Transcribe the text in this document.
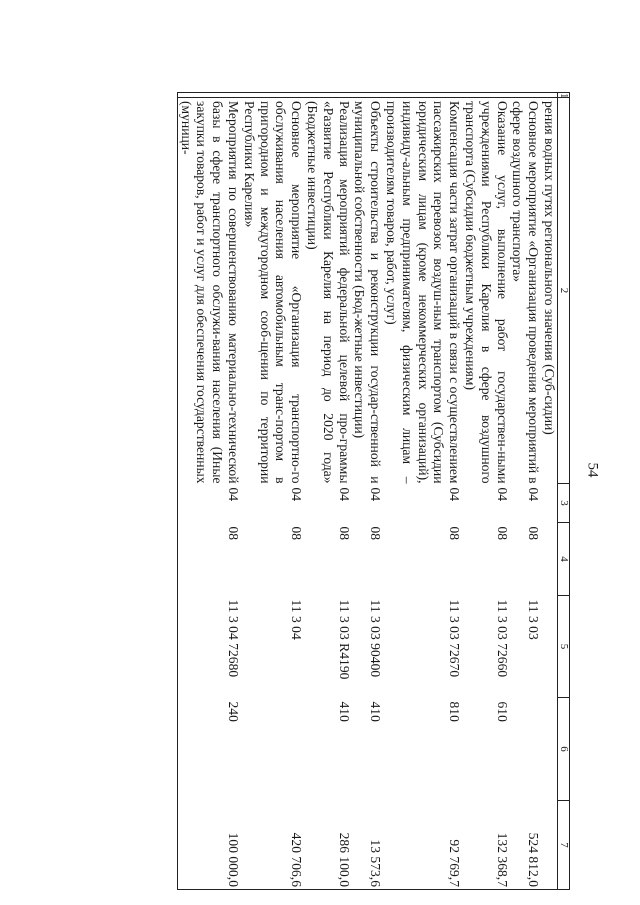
54
1	2	3	4	5	6	7
	рения водных путях регионального значения (Суб-сидии)					
	Основное мероприятие «Организация проведения мероприятий в сфере воздушного транспорта»	04	08	11 3 03		524 812,0
	Оказание услуг, выполнение работ государствен-ными учреждениями Республики Карелия в сфере воздушного транспорта (Субсидии бюджетным учреждениям)	04	08	11 3 03 72660	610	132 368,7
	Компенсация части затрат организаций в связи с осуществлением пассажирских перевозок воздуш-ным транспортом (Субсидии юридическим лицам (кроме некоммерческих организаций), индивиду-альным предпринимателям, физическим лицам – производителям товаров, работ, услуг)	04	08	11 3 03 72670	810	92 769,7
	Объекты строительства и реконструкции государ-ственной и муниципальной собственности (Бюд-жетные инвестиции)	04	08	11 3 03 90400	410	13 573,6
	Реализация мероприятий федеральной целевой про-граммы «Развитие Республики Карелия на период до 2020 года» (Бюджетные инвестиции)	04	08	11 3 03 R4190	410	286 100,0
	Основное мероприятие «Организация транспортно-го обслуживания населения автомобильным транс-портом в пригородном и междугородном сооб-щении по территории Республики Карелия»	04	08	11 3 04		420 706,6
	Мероприятия по совершенствованию материально-технической базы в сфере транспортного обслужи-вания населения (Иные закупки товаров, работ и услуг для обеспечения государственных (муници-	04	08	11 3 04 72680	240	100 000,0
